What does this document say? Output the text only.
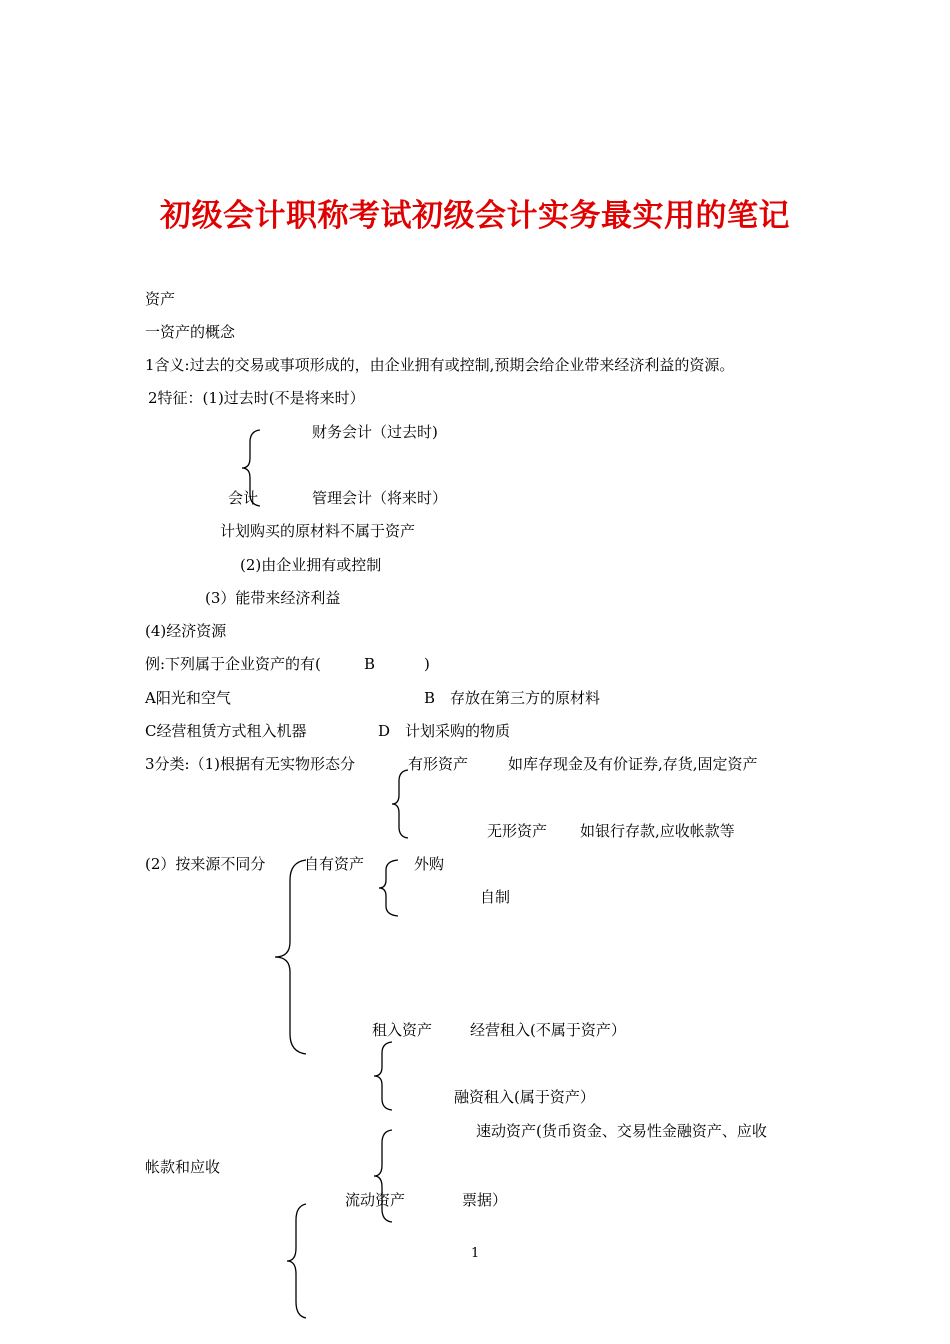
初级会计职称考试初级会计实务最实用的笔记
资产
一资产的概念
1含义:过去的交易或事项形成的，由企业拥有或控制,预期会给企业带来经济利益的资源。
2特征：(1)过去时(不是将来时）
财务会计（过去时)
会计	管理会计（将来时）
计划购买的原材料不属于资产
(2)由企业拥有或控制
(3）能带来经济利益
(4)经济资源
例:下列属于企业资产的有(	B	)
A阳光和空气	B 存放在第三方的原材料
C经营租赁方式租入机器	D 计划采购的物质
3分类:（1)根据有无实物形态分	有形资产	如库存现金及有价证券,存货,固定资产
无形资产 如银行存款,应收帐款等
(2）按来源不同分	自有资产	外购
自制
租入资产	经营租入(不属于资产）
融资租入(属于资产）
速动资产(货币资金、交易性金融资产、应收
帐款和应收
流动资产	票据）
1
